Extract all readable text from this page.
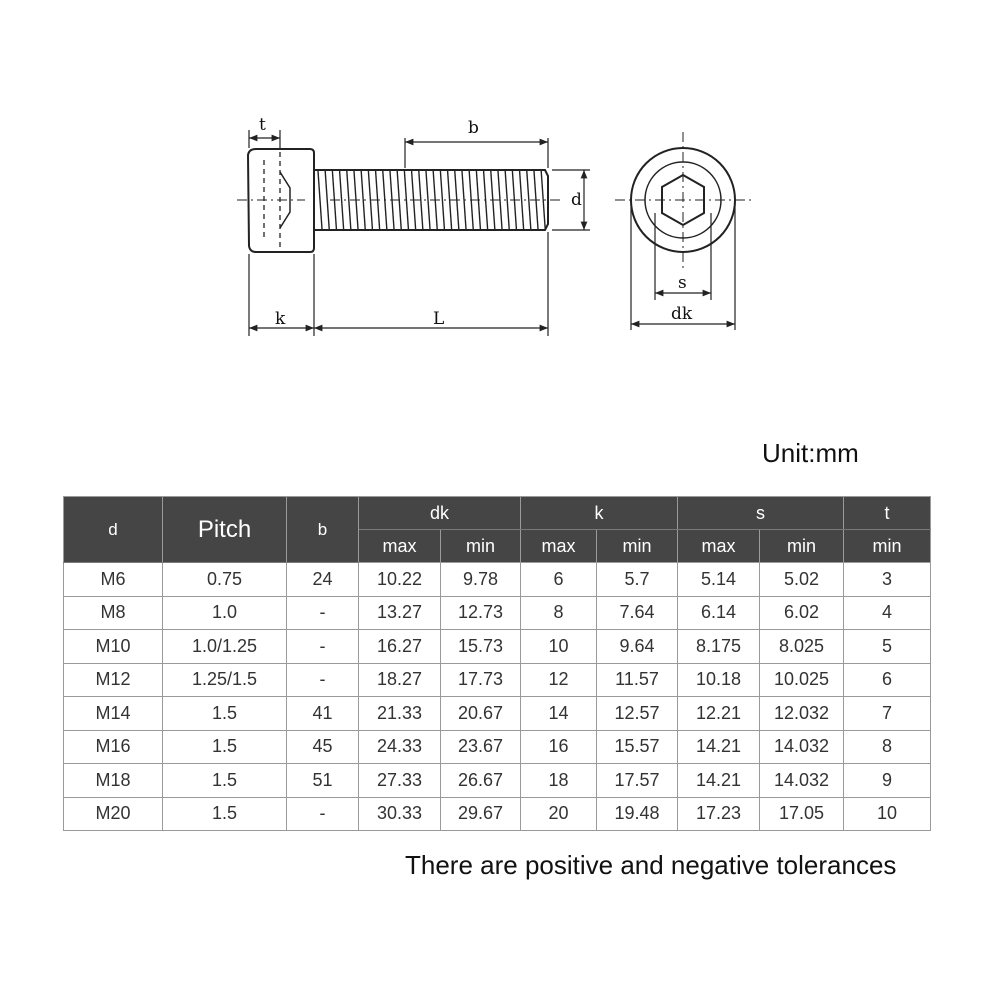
t	b
d
k	L
s
dk
Unit:mm
d	Pitch	b	dk		k		s		t
			max	min	max	min	max	min	min
M6	0.75	24	10.22	9.78	6	5.7	5.14	5.02	3
M8	1.0	-	13.27	12.73	8	7.64	6.14	6.02	4
M10	1.0/1.25	-	16.27	15.73	10	9.64	8.175	8.025	5
M12	1.25/1.5	-	18.27	17.73	12	11.57	10.18	10.025	6
M14	1.5	41	21.33	20.67	14	12.57	12.21	12.032	7
M16	1.5	45	24.33	23.67	16	15.57	14.21	14.032	8
M18	1.5	51	27.33	26.67	18	17.57	14.21	14.032	9
M20	1.5	-	30.33	29.67	20	19.48	17.23	17.05	10
There are positive and negative tolerances
